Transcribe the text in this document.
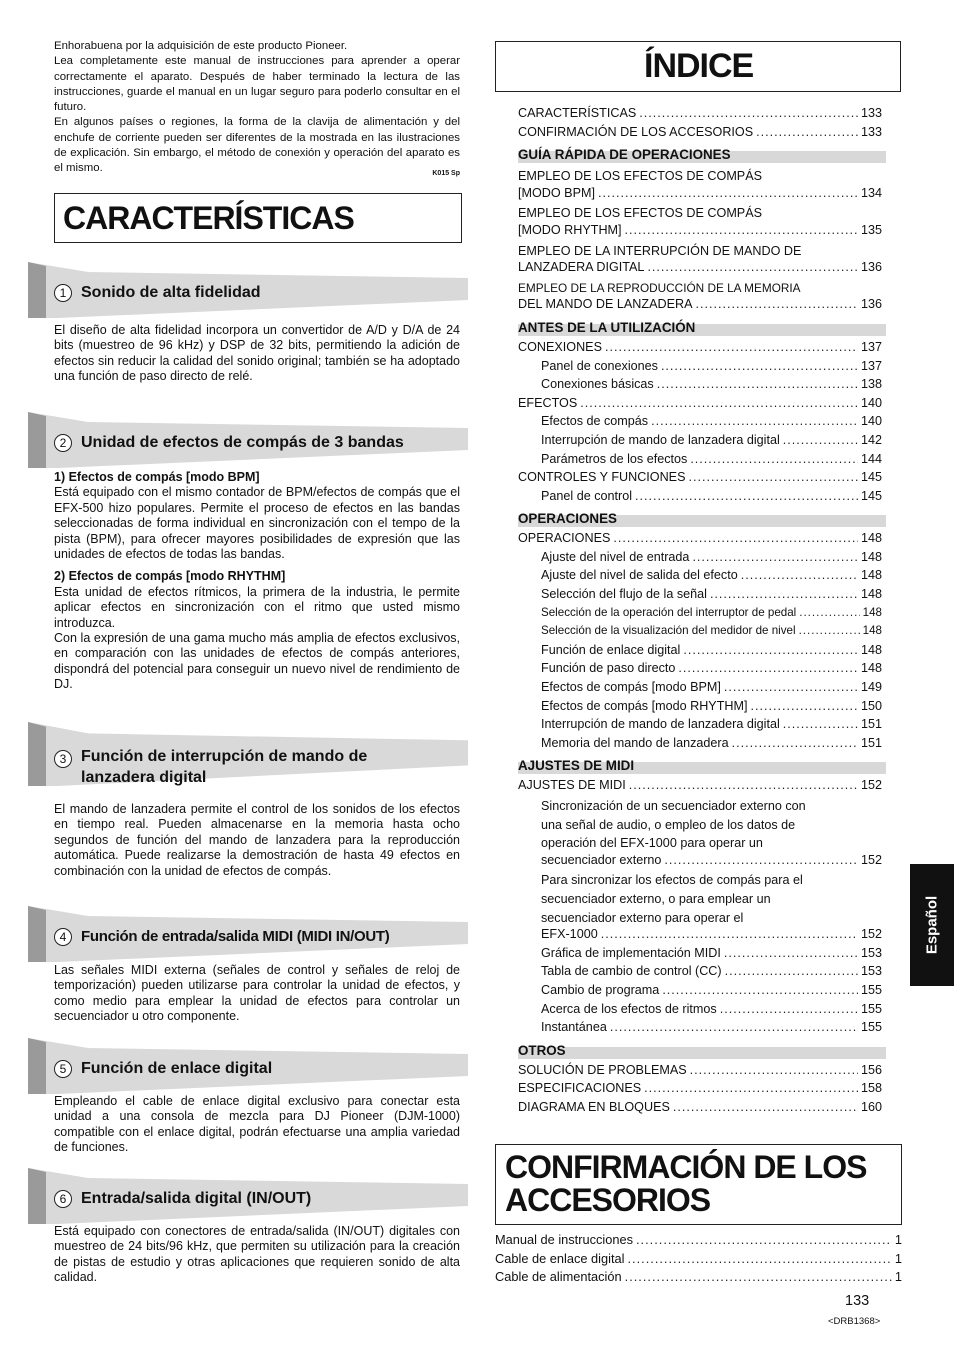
Enhorabuena por la adquisición de este producto Pioneer.

Lea completamente este manual de instrucciones para aprender a operar correctamente el aparato. Después de haber terminado la lectura de las instrucciones, guarde el manual en un lugar seguro para poderlo consultar en el futuro.

En algunos países o regiones, la forma de la clavija de alimentación y del enchufe de corriente pueden ser diferentes de la mostrada en las ilustraciones de explicación. Sin embargo, el método de conexión y operación del aparato es el mismo.	K015 Sp

CARACTERÍSTICAS
1 Sonido de alta fidelidad

El diseño de alta fidelidad incorpora un convertidor de A/D y D/A de 24 bits (muestreo de 96 kHz) y DSP de 32 bits, permitiendo la adición de efectos sin reducir la calidad del sonido original; también se ha adoptado una función de paso directo de relé.

2 Unidad de efectos de compás de 3 bandas

1) Efectos de compás [modo BPM]

Está equipado con el mismo contador de BPM/efectos de compás que el EFX-500 hizo populares. Permite el proceso de efectos en las bandas seleccionadas de forma individual en sincronización con el tempo de la pista (BPM), para ofrecer mayores posibilidades de expresión que las unidades de efectos de todas las bandas.

2) Efectos de compás [modo RHYTHM]

Esta unidad de efectos rítmicos, la primera de la industria, le permite aplicar efectos en sincronización con el ritmo que usted mismo introduzca.

Con la expresión de una gama mucho más amplia de efectos exclusivos, en comparación con las unidades de efectos de compás anteriores, dispondrá del potencial para conseguir un nuevo nivel de rendimiento de DJ.

3 Función de interrupción de mando de
lanzadera digital

El mando de lanzadera permite el control de los sonidos de los efectos en tiempo real. Pueden almacenarse en la memoria hasta ocho segundos de función del mando de lanzadera para la reproducción automática. Puede realizarse la demostración de hasta 49 efectos en combinación con la unidad de efectos de compás.

4 Función de entrada/salida MIDI (MIDI IN/OUT)

Las señales MIDI externa (señales de control y señales de reloj de temporización) pueden utilizarse para controlar la unidad de efectos, y como medio para emplear la unidad de efectos para controlar un secuenciador u otro componente.

5 Función de enlace digital

Empleando el cable de enlace digital exclusivo para conectar esta unidad a una consola de mezcla para DJ Pioneer (DJM-1000) compatible con el enlace digital, podrán efectuarse una amplia variedad de funciones.

6 Entrada/salida digital (IN/OUT)

Está equipado con conectores de entrada/salida (IN/OUT) digitales con muestreo de 24 bits/96 kHz, que permiten su utilización para la creación de pistas de estudio y otras aplicaciones que requieren sonido de alta calidad.

ÍNDICE
CARACTERÍSTICAS .....	133
CONFIRMACIÓN DE LOS ACCESORIOS .....	133
GUÍA RÁPIDA DE OPERACIONES
EMPLEO DE LOS EFECTOS DE COMPÁS
[MODO BPM] .....	134
EMPLEO DE LOS EFECTOS DE COMPÁS
[MODO RHYTHM] .....	135
EMPLEO DE LA INTERRUPCIÓN DE MANDO DE
LANZADERA DIGITAL .....	136
EMPLEO DE LA REPRODUCCIÓN DE LA MEMORIA
DEL MANDO DE LANZADERA .....	136
ANTES DE LA UTILIZACIÓN
CONEXIONES .....	137
Panel de conexiones .....	137
Conexiones básicas .....	138
EFECTOS .....	140
Efectos de compás .....	140
Interrupción de mando de lanzadera digital .....	142
Parámetros de los efectos .....	144
CONTROLES Y FUNCIONES .....	145
Panel de control .....	145
OPERACIONES
OPERACIONES .....	148
Ajuste del nivel de entrada .....	148
Ajuste del nivel de salida del efecto .....	148
Selección del flujo de la señal .....	148
Selección de la operación del interruptor de pedal .....	148
Selección de la visualización del medidor de nivel .....	148
Función de enlace digital .....	148
Función de paso directo .....	148
Efectos de compás [modo BPM] .....	149
Efectos de compás [modo RHYTHM] .....	150
Interrupción de mando de lanzadera digital .....	151
Memoria del mando de lanzadera .....	151
AJUSTES DE MIDI
AJUSTES DE MIDI .....	152
Sincronización de un secuenciador externo con
una señal de audio, o empleo de los datos de
operación del EFX-1000 para operar un
secuenciador externo .....	152
Para sincronizar los efectos de compás para el
secuenciador externo, o para emplear un
secuenciador externo para operar el
EFX-1000 .....	152
Gráfica de implementación MIDI .....	153
Tabla de cambio de control (CC) .....	153
Cambio de programa .....	155
Acerca de los efectos de ritmos .....	155
Instantánea .....	155
OTROS
SOLUCIÓN DE PROBLEMAS .....	156
ESPECIFICACIONES .....	158
DIAGRAMA EN BLOQUES .....	160
CONFIRMACIÓN DE LOS
ACCESORIOS
Manual de instrucciones .....	1
Cable de enlace digital .....	1
Cable de alimentación .....	1
Español
133
<DRB1368>
